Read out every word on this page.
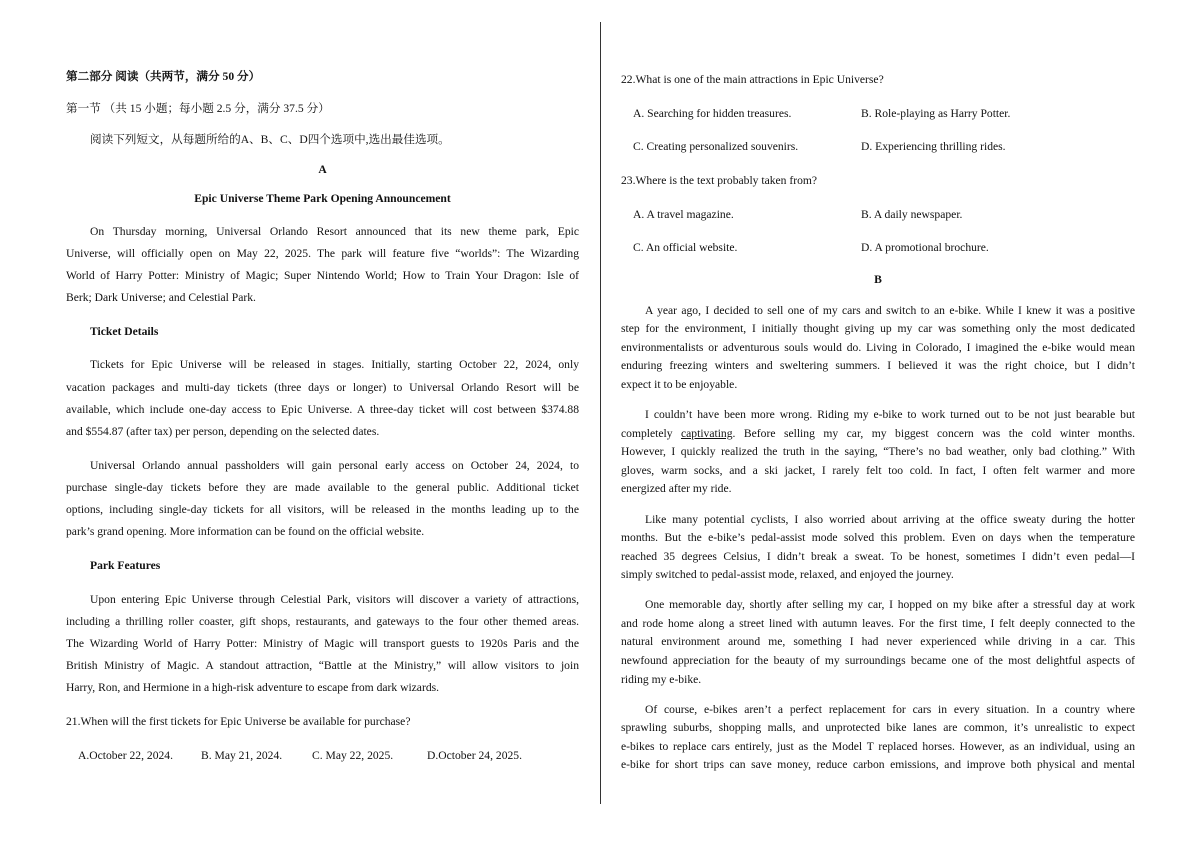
第二部分 阅读（共两节，满分 50 分）
第一节 （共 15 小题；每小题 2.5 分，满分 37.5 分）
阅读下列短文，从每题所给的A、B、C、D四个选项中,选出最佳选项。
A
Epic Universe Theme Park Opening Announcement
On Thursday morning, Universal Orlando Resort announced that its new theme park, Epic
Universe, will officially open on May 22, 2025. The park will feature five “worlds”: The Wizarding
World of Harry Potter: Ministry of Magic; Super Nintendo World; How to Train Your Dragon: Isle of
Berk; Dark Universe; and Celestial Park.
Ticket Details
Tickets for Epic Universe will be released in stages. Initially, starting October 22, 2024, only
vacation packages and multi-day tickets (three days or longer) to Universal Orlando Resort will be
available, which include one-day access to Epic Universe. A three-day ticket will cost between $374.88
and $554.87 (after tax) per person, depending on the selected dates.
Universal Orlando annual passholders will gain personal early access on October 24, 2024, to
purchase single-day tickets before they are made available to the general public. Additional ticket
options, including single-day tickets for all visitors, will be released in the months leading up to the
park’s grand opening. More information can be found on the official website.
Park Features
Upon entering Epic Universe through Celestial Park, visitors will discover a variety of attractions,
including a thrilling roller coaster, gift shops, restaurants, and gateways to the four other themed areas.
The Wizarding World of Harry Potter: Ministry of Magic will transport guests to 1920s Paris and the
British Ministry of Magic. A standout attraction, “Battle at the Ministry,” will allow visitors to join
Harry, Ron, and Hermione in a high-risk adventure to escape from dark wizards.
21.When will the first tickets for Epic Universe be available for purchase?
A.October 22, 2024. B. May 21, 2024.	C. May 22, 2025.	D.October 24, 2025.
22.What is one of the main attractions in Epic Universe?
A. Searching for hidden treasures.	B. Role-playing as Harry Potter.
C. Creating personalized souvenirs.	D. Experiencing thrilling rides.
23.Where is the text probably taken from?
A. A travel magazine.	B. A daily newspaper.
C. An official website.	D. A promotional brochure.
B
A year ago, I decided to sell one of my cars and switch to an e-bike. While I knew it was a positive
step for the environment, I initially thought giving up my car was something only the most dedicated
environmentalists or adventurous souls would do. Living in Colorado, I imagined the e-bike would mean
enduring freezing winters and sweltering summers. I believed it was the right choice, but I didn’t
expect it to be enjoyable.
I couldn’t have been more wrong. Riding my e-bike to work turned out to be not just bearable but
completely captivating. Before selling my car, my biggest concern was the cold winter months.
However, I quickly realized the truth in the saying, “There’s no bad weather, only bad clothing.” With
gloves, warm socks, and a ski jacket, I rarely felt too cold. In fact, I often felt warmer and more
energized after my ride.
Like many potential cyclists, I also worried about arriving at the office sweaty during the hotter
months. But the e-bike’s pedal-assist mode solved this problem. Even on days when the temperature
reached 35 degrees Celsius, I didn’t break a sweat. To be honest, sometimes I didn’t even pedal—I
simply switched to pedal-assist mode, relaxed, and enjoyed the journey.
One memorable day, shortly after selling my car, I hopped on my bike after a stressful day at work
and rode home along a street lined with autumn leaves. For the first time, I felt deeply connected to the
natural environment around me, something I had never experienced while driving in a car. This
newfound appreciation for the beauty of my surroundings became one of the most delightful aspects of
riding my e-bike.
Of course, e-bikes aren’t a perfect replacement for cars in every situation. In a country where
sprawling suburbs, shopping malls, and unprotected bike lanes are common, it’s unrealistic to expect
e-bikes to replace cars entirely, just as the Model T replaced horses. However, as an individual, using an
e-bike for short trips can save money, reduce carbon emissions, and improve both physical and mental
